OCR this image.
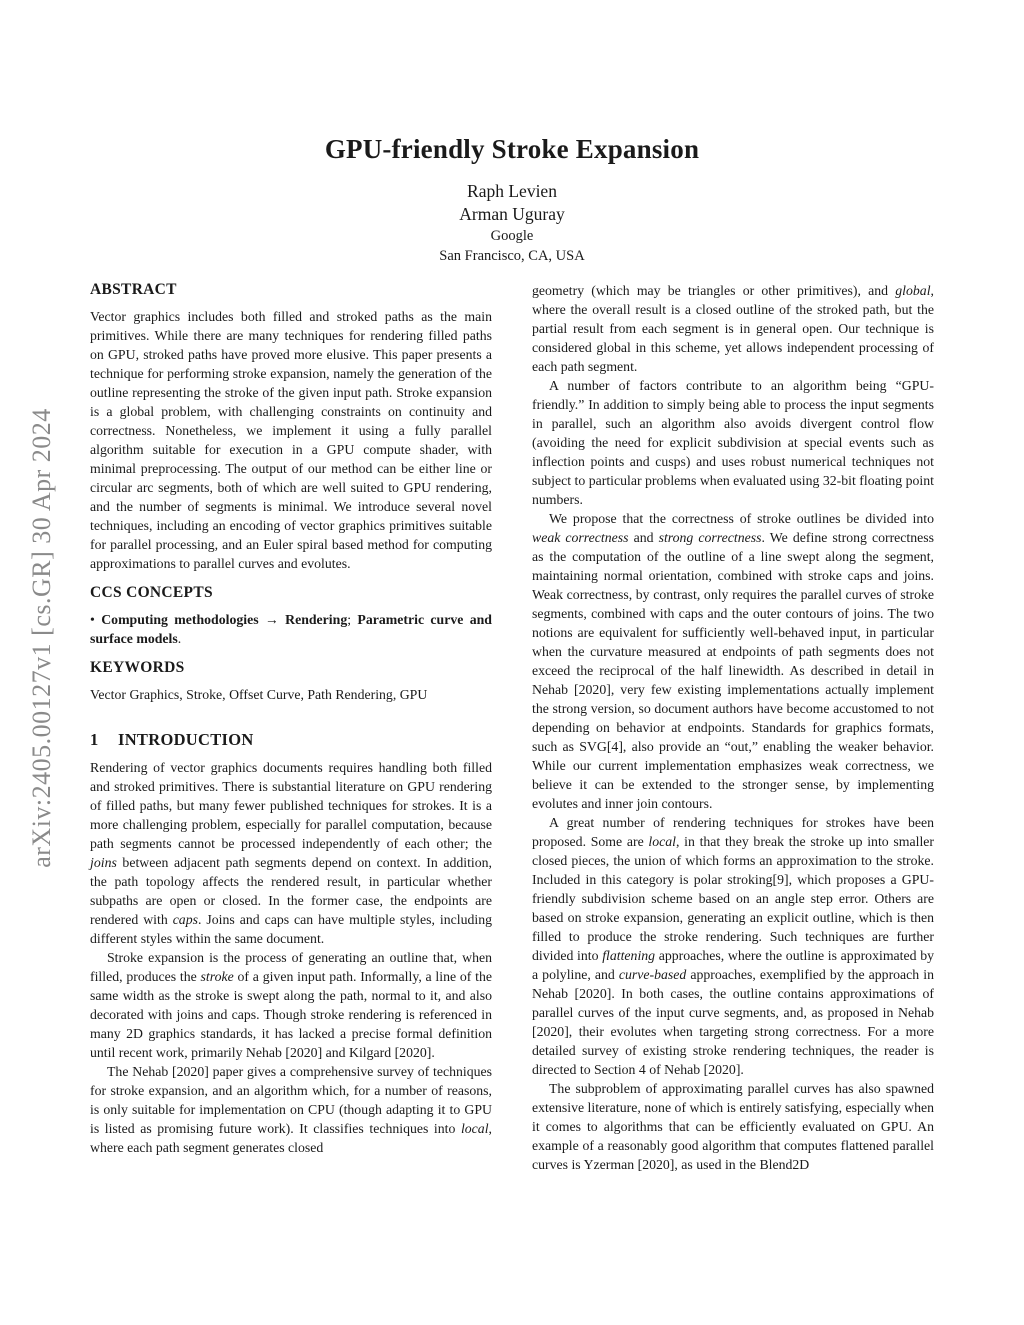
arXiv:2405.00127v1 [cs.GR] 30 Apr 2024
GPU-friendly Stroke Expansion
Raph Levien
Arman Uguray
Google
San Francisco, CA, USA
ABSTRACT

Vector graphics includes both filled and stroked paths as the main primitives. While there are many techniques for rendering filled paths on GPU, stroked paths have proved more elusive. This paper presents a technique for performing stroke expansion, namely the generation of the outline representing the stroke of the given input path. Stroke expansion is a global problem, with challenging constraints on continuity and correctness. Nonetheless, we implement it using a fully parallel algorithm suitable for execution in a GPU compute shader, with minimal preprocessing. The output of our method can be either line or circular arc segments, both of which are well suited to GPU rendering, and the number of segments is minimal. We introduce several novel techniques, including an encoding of vector graphics primitives suitable for parallel processing, and an Euler spiral based method for computing approximations to parallel curves and evolutes.

CCS CONCEPTS

• Computing methodologies → Rendering; Parametric curve and surface models.

KEYWORDS

Vector Graphics, Stroke, Offset Curve, Path Rendering, GPU

1 INTRODUCTION

Rendering of vector graphics documents requires handling both filled and stroked primitives. There is substantial literature on GPU rendering of filled paths, but many fewer published techniques for strokes. It is a more challenging problem, especially for parallel computation, because path segments cannot be processed independently of each other; the joins between adjacent path segments depend on context. In addition, the path topology affects the rendered result, in particular whether subpaths are open or closed. In the former case, the endpoints are rendered with caps. Joins and caps can have multiple styles, including different styles within the same document.

Stroke expansion is the process of generating an outline that, when filled, produces the stroke of a given input path. Informally, a line of the same width as the stroke is swept along the path, normal to it, and also decorated with joins and caps. Though stroke rendering is referenced in many 2D graphics standards, it has lacked a precise formal definition until recent work, primarily Nehab [2020] and Kilgard [2020].

The Nehab [2020] paper gives a comprehensive survey of techniques for stroke expansion, and an algorithm which, for a number of reasons, is only suitable for implementation on CPU (though adapting it to GPU is listed as promising future work). It classifies techniques into local, where each path segment generates closed

geometry (which may be triangles or other primitives), and global, where the overall result is a closed outline of the stroked path, but the partial result from each segment is in general open. Our technique is considered global in this scheme, yet allows independent processing of each path segment.

A number of factors contribute to an algorithm being “GPU-friendly.” In addition to simply being able to process the input segments in parallel, such an algorithm also avoids divergent control flow (avoiding the need for explicit subdivision at special events such as inflection points and cusps) and uses robust numerical techniques not subject to particular problems when evaluated using 32-bit floating point numbers.

We propose that the correctness of stroke outlines be divided into weak correctness and strong correctness. We define strong correctness as the computation of the outline of a line swept along the segment, maintaining normal orientation, combined with stroke caps and joins. Weak correctness, by contrast, only requires the parallel curves of stroke segments, combined with caps and the outer contours of joins. The two notions are equivalent for sufficiently well-behaved input, in particular when the curvature measured at endpoints of path segments does not exceed the reciprocal of the half linewidth. As described in detail in Nehab [2020], very few existing implementations actually implement the strong version, so document authors have become accustomed to not depending on behavior at endpoints. Standards for graphics formats, such as SVG[4], also provide an “out,” enabling the weaker behavior. While our current implementation emphasizes weak correctness, we believe it can be extended to the stronger sense, by implementing evolutes and inner join contours.

A great number of rendering techniques for strokes have been proposed. Some are local, in that they break the stroke up into smaller closed pieces, the union of which forms an approximation to the stroke. Included in this category is polar stroking[9], which proposes a GPU-friendly subdivision scheme based on an angle step error. Others are based on stroke expansion, generating an explicit outline, which is then filled to produce the stroke rendering. Such techniques are further divided into flattening approaches, where the outline is approximated by a polyline, and curve-based approaches, exemplified by the approach in Nehab [2020]. In both cases, the outline contains approximations of parallel curves of the input curve segments, and, as proposed in Nehab [2020], their evolutes when targeting strong correctness. For a more detailed survey of existing stroke rendering techniques, the reader is directed to Section 4 of Nehab [2020].

The subproblem of approximating parallel curves has also spawned extensive literature, none of which is entirely satisfying, especially when it comes to algorithms that can be efficiently evaluated on GPU. An example of a reasonably good algorithm that computes flattened parallel curves is Yzerman [2020], as used in the Blend2D
